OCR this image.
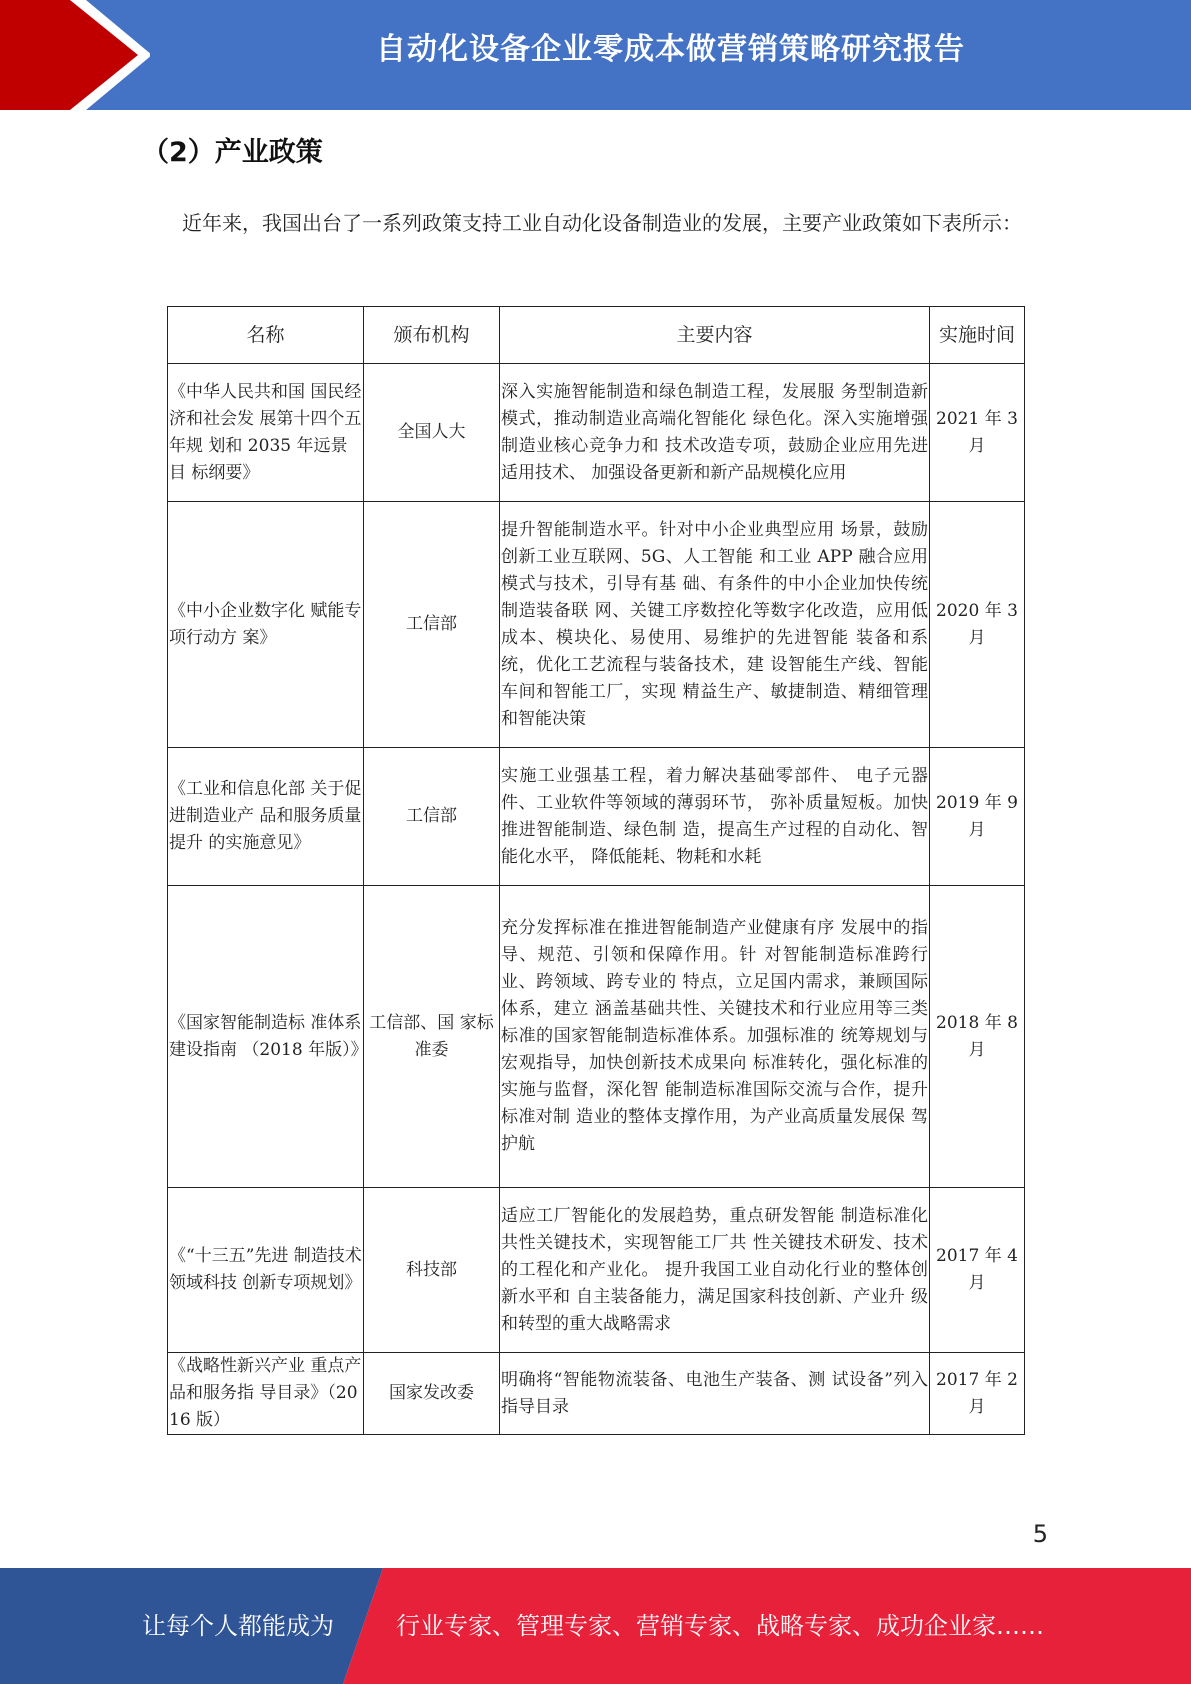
自动化设备企业零成本做营销策略研究报告
（2）产业政策
近年来，我国出台了一系列政策支持工业自动化设备制造业的发展，主要产业政策如下表所示：
名称	颁布机构	主要内容	实施时间
《中华人民共和国 国民经济和社会发 展第十四个五年规 划和 2035 年远景目 标纲要》	全国人大	深入实施智能制造和绿色制造工程，发展服 务型制造新模式，推动制造业高端化智能化 绿色化。深入实施增强制造业核心竞争力和 技术改造专项，鼓励企业应用先进适用技术、 加强设备更新和新产品规模化应用	2021 年 3 月
《中小企业数字化 赋能专项行动方 案》	工信部	提升智能制造水平。针对中小企业典型应用 场景，鼓励创新工业互联网、5G、人工智能 和工业 APP 融合应用模式与技术，引导有基 础、有条件的中小企业加快传统制造装备联 网、关键工序数控化等数字化改造，应用低 成本、模块化、易使用、易维护的先进智能 装备和系统，优化工艺流程与装备技术，建 设智能生产线、智能车间和智能工厂，实现 精益生产、敏捷制造、精细管理和智能决策	2020 年 3 月
《工业和信息化部 关于促进制造业产 品和服务质量提升 的实施意见》	工信部	实施工业强基工程，着力解决基础零部件、 电子元器件、工业软件等领域的薄弱环节， 弥补质量短板。加快推进智能制造、绿色制 造，提高生产过程的自动化、智能化水平， 降低能耗、物耗和水耗	2019 年 9 月
《国家智能制造标 准体系建设指南 （2018 年版）》	工信部、国 家标准委	充分发挥标准在推进智能制造产业健康有序 发展中的指导、规范、引领和保障作用。针 对智能制造标准跨行业、跨领域、跨专业的 特点，立足国内需求，兼顾国际体系，建立 涵盖基础共性、关键技术和行业应用等三类 标准的国家智能制造标准体系。加强标准的 统筹规划与宏观指导，加快创新技术成果向 标准转化，强化标准的实施与监督，深化智 能制造标准国际交流与合作，提升标准对制 造业的整体支撑作用，为产业高质量发展保 驾护航	2018 年 8 月
《“十三五”先进 制造技术领域科技 创新专项规划》	科技部	适应工厂智能化的发展趋势，重点研发智能 制造标准化共性关键技术，实现智能工厂共 性关键技术研发、技术的工程化和产业化。 提升我国工业自动化行业的整体创新水平和 自主装备能力，满足国家科技创新、产业升 级和转型的重大战略需求	2017 年 4 月
《战略性新兴产业 重点产品和服务指 导目录》（2016 版）	国家发改委	明确将“智能物流装备、电池生产装备、测 试设备”列入指导目录	2017 年 2 月
5
让每个人都能成为	行业专家、管理专家、营销专家、战略专家、成功企业家……
